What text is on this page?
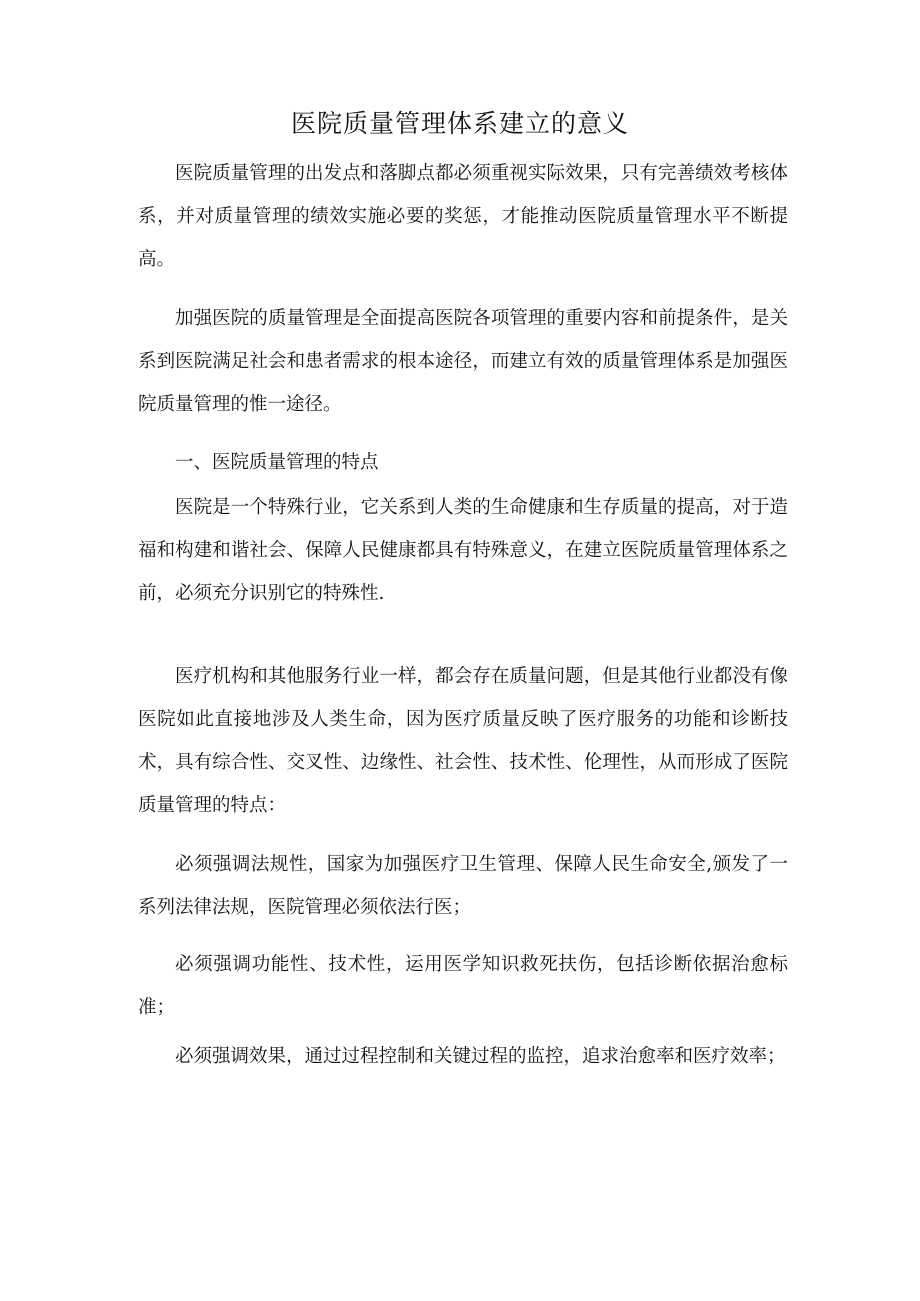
医院质量管理体系建立的意义

医院质量管理的出发点和落脚点都必须重视实际效果，只有完善绩效考核体系，并对质量管理的绩效实施必要的奖惩，才能推动医院质量管理水平不断提高。

加强医院的质量管理是全面提高医院各项管理的重要内容和前提条件，是关系到医院满足社会和患者需求的根本途径，而建立有效的质量管理体系是加强医院质量管理的惟一途径。

一、医院质量管理的特点

医院是一个特殊行业，它关系到人类的生命健康和生存质量的提高，对于造福和构建和谐社会、保障人民健康都具有特殊意义，在建立医院质量管理体系之前，必须充分识别它的特殊性.

医疗机构和其他服务行业一样，都会存在质量问题，但是其他行业都没有像医院如此直接地涉及人类生命，因为医疗质量反映了医疗服务的功能和诊断技术，具有综合性、交叉性、边缘性、社会性、技术性、伦理性，从而形成了医院质量管理的特点：

必须强调法规性，国家为加强医疗卫生管理、保障人民生命安全,颁发了一系列法律法规，医院管理必须依法行医；

必须强调功能性、技术性，运用医学知识救死扶伤，包括诊断依据治愈标准；

必须强调效果，通过过程控制和关键过程的监控，追求治愈率和医疗效率；
